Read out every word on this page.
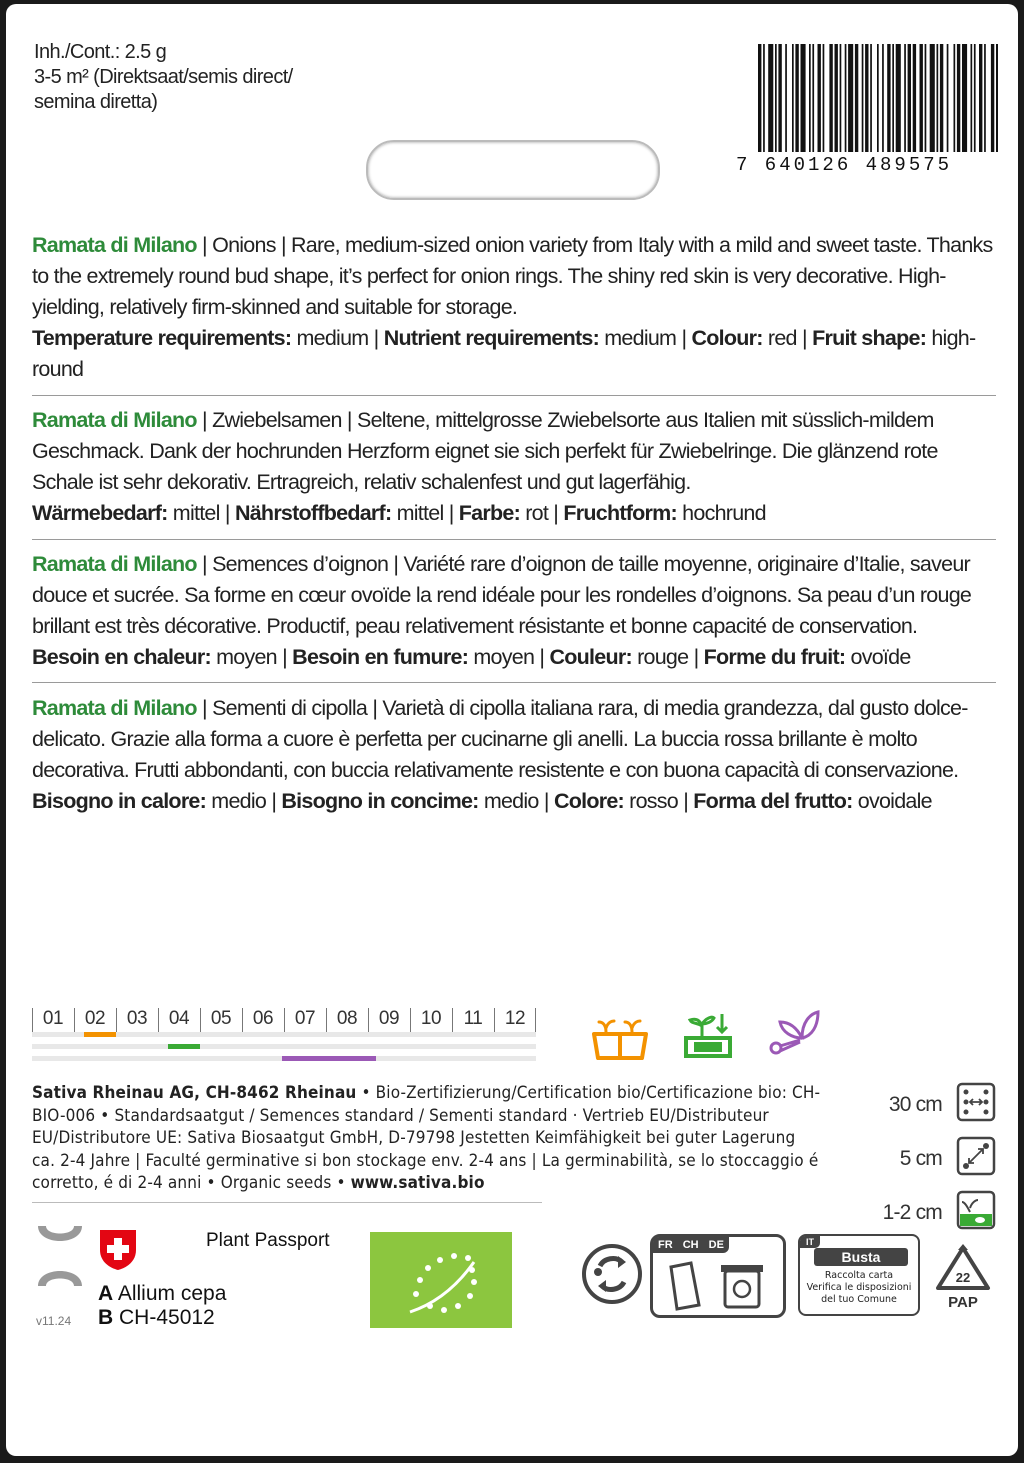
Inh./Cont.: 2.5 g
3-5 m² (Direktsaat/semis direct/
semina diretta)
7 640126 489575
Ramata di Milano | Onions | Rare, medium-sized onion variety from Italy with a mild and sweet taste. Thanks to the extremely round bud shape, it’s perfect for onion rings. The shiny red skin is very decorative. High-yielding, relatively firm-skinned and suitable for storage.
Temperature requirements: medium | Nutrient requirements: medium | Colour: red | Fruit shape: high-round
Ramata di Milano | Zwiebelsamen | Seltene, mittelgrosse Zwiebelsorte aus Italien mit süsslich-mildem Geschmack. Dank der hochrunden Herzform eignet sie sich perfekt für Zwiebelringe. Die glänzend rote Schale ist sehr dekorativ. Ertragreich, relativ schalenfest und gut lagerfähig.
Wärmebedarf: mittel | Nährstoffbedarf: mittel | Farbe: rot | Fruchtform: hochrund
Ramata di Milano | Semences d’oignon | Variété rare d’oignon de taille moyenne, originaire d’Italie, saveur douce et sucrée. Sa forme en cœur ovoïde la rend idéale pour les rondelles d’oignons. Sa peau d’un rouge brillant est très décorative. Productif, peau relativement résistante et bonne capacité de conservation.
Besoin en chaleur: moyen | Besoin en fumure: moyen | Couleur: rouge | Forme du fruit: ovoïde
Ramata di Milano | Sementi di cipolla | Varietà di cipolla italiana rara, di media grandezza, dal gusto dolce-delicato. Grazie alla forma a cuore è perfetta per cucinarne gli anelli. La buccia rossa brillante è molto decorativa. Frutti abbondanti, con buccia relativamente resistente e con buona capacità di conservazione.
Bisogno in calore: medio | Bisogno in concime: medio | Colore: rosso | Forma del frutto: ovoidale
01	02	03	04	05	06	07	08	09	10	11	12
Sativa Rheinau AG, CH-8462 Rheinau • Bio-Zertifizierung/Certification bio/Certificazione bio: CH-BIO-006 • Standardsaatgut / Semences standard / Sementi standard · Vertrieb EU/Distributeur EU/Distributore UE: Sativa Biosaatgut GmbH, D-79798 Jestetten Keimfähigkeit bei guter Lagerung ca. 2-4 Jahre | Faculté germinative si bon stockage env. 2-4 ans | La germinabilità, se lo stoccaggio é corretto, é di 2-4 anni • Organic seeds • www.sativa.bio
30 cm
5 cm
1-2 cm
Plant Passport
A Allium cepa
B CH-45012
v11.24
FR CH DE	IT
Busta
Raccolta carta
Verifica le disposizioni
del tuo Comune
22
PAP
